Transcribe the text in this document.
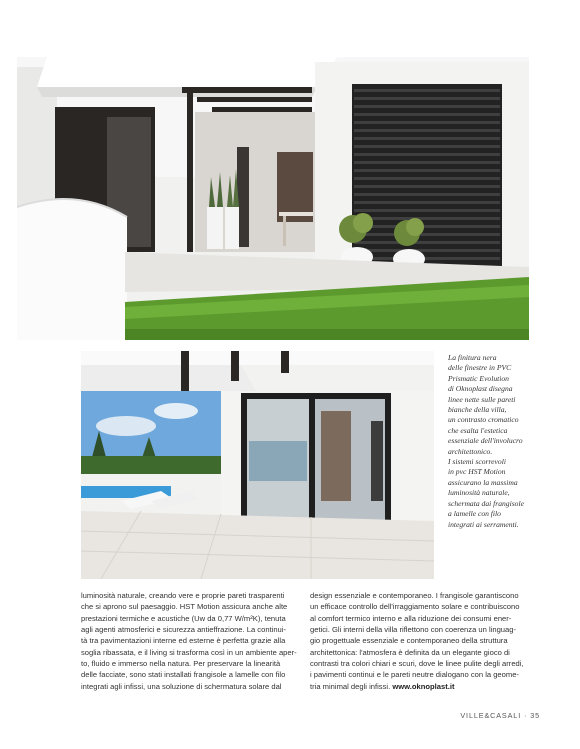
La finitura nera

delle finestre in PVC

Prismatic Evolution

di Oknoplast disegna

linee nette sulle pareti

bianche della villa,

un contrasto cromatico

che esalta l'estetica

essenziale dell'involucro

architettonico.

I sistemi scorrevoli

in pvc HST Motion

assicurano la massima

luminosità naturale,

schermata dai frangisole

a lamelle con filo

integrati ai serramenti.

luminosità naturale, creando vere e proprie pareti trasparenti

che si aprono sul paesaggio. HST Motion assicura anche alte

prestazioni termiche e acustiche (Uw da 0,77 W/m²K), tenuta

agli agenti atmosferici e sicurezza antieffrazione. La continui-

tà tra pavimentazioni interne ed esterne è perfetta grazie alla

soglia ribassata, e il living si trasforma così in un ambiente aper-

to, fluido e immerso nella natura. Per preservare la linearità

delle facciate, sono stati installati frangisole a lamelle con filo

integrati agli infissi, una soluzione di schermatura solare dal

design essenziale e contemporaneo. I frangisole garantiscono

un efficace controllo dell'irraggiamento solare e contribuiscono

al comfort termico interno e alla riduzione dei consumi ener-

getici. Gli interni della villa riflettono con coerenza un linguag-

gio progettuale essenziale e contemporaneo della struttura

architettonica: l'atmosfera è definita da un elegante gioco di

contrasti tra colori chiari e scuri, dove le linee pulite degli arredi,

i pavimenti continui e le pareti neutre dialogano con la geome-

tria minimal degli infissi. www.oknoplast.it

VILLE&CASALI · 35
